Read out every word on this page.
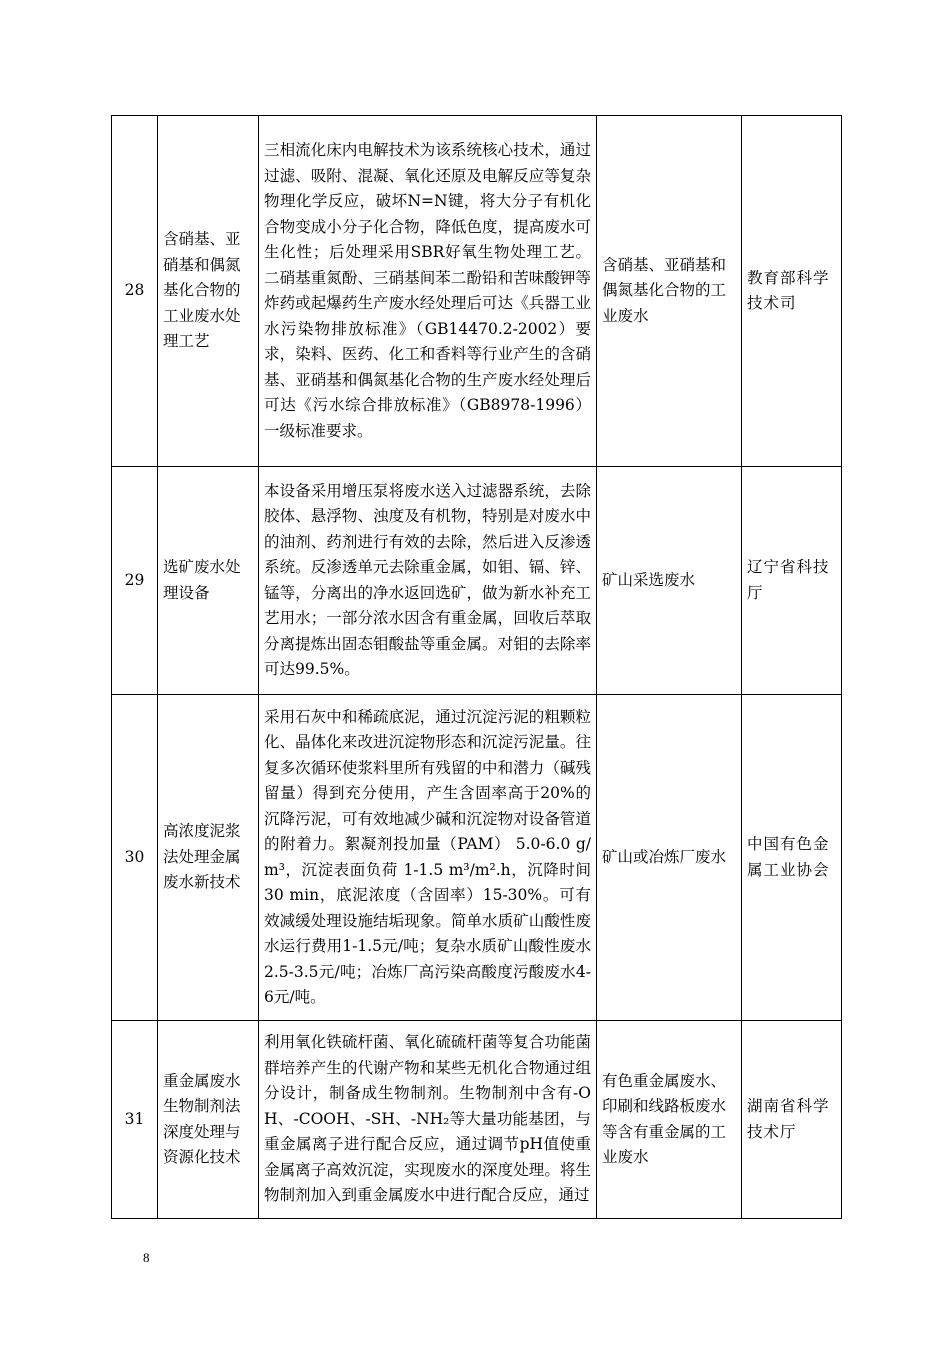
28	含硝基、亚硝基和偶氮基化合物的工业废水处理工艺	三相流化床内电解技术为该系统核心技术，通过过滤、吸附、混凝、氧化还原及电解反应等复杂物理化学反应，破坏N=N键，将大分子有机化合物变成小分子化合物，降低色度，提高废水可生化性；后处理采用SBR好氧生物处理工艺。二硝基重氮酚、三硝基间苯二酚铅和苦味酸钾等炸药或起爆药生产废水经处理后可达《兵器工业水污染物排放标准》（GB14470.2-2002）要求，染料、医药、化工和香料等行业产生的含硝基、亚硝基和偶氮基化合物的生产废水经处理后可达《污水综合排放标准》（GB8978-1996）一级标准要求。	含硝基、亚硝基和偶氮基化合物的工业废水	教育部科学技术司
29	选矿废水处理设备	本设备采用增压泵将废水送入过滤器系统，去除胶体、悬浮物、浊度及有机物，特别是对废水中的油剂、药剂进行有效的去除，然后进入反渗透系统。反渗透单元去除重金属，如钼、镉、锌、锰等，分离出的净水返回选矿，做为新水补充工艺用水；一部分浓水因含有重金属，回收后萃取分离提炼出固态钼酸盐等重金属。对钼的去除率可达99.5%。	矿山采选废水	辽宁省科技厅
30	高浓度泥浆法处理金属废水新技术	采用石灰中和稀疏底泥，通过沉淀污泥的粗颗粒化、晶体化来改进沉淀物形态和沉淀污泥量。往复多次循环使浆料里所有残留的中和潜力（碱残留量）得到充分使用，产生含固率高于20%的沉降污泥，可有效地减少碱和沉淀物对设备管道的附着力。絮凝剂投加量（PAM） 5.0-6.0 g/m³，沉淀表面负荷 1-1.5 m³/m².h，沉降时间 30 min，底泥浓度（含固率）15-30%。可有效减缓处理设施结垢现象。简单水质矿山酸性废水运行费用1-1.5元/吨；复杂水质矿山酸性废水2.5-3.5元/吨；冶炼厂高污染高酸度污酸废水4-6元/吨。	矿山或冶炼厂废水	中国有色金属工业协会
31	重金属废水生物制剂法深度处理与资源化技术	利用氧化铁硫杆菌、氧化硫硫杆菌等复合功能菌群培养产生的代谢产物和某些无机化合物通过组分设计，制备成生物制剂。生物制剂中含有-OH、-COOH、-SH、-NH₂等大量功能基团，与重金属离子进行配合反应，通过调节pH值使重金属离子高效沉淀，实现废水的深度处理。将生物制剂加入到重金属废水中进行配合反应，通过	有色重金属废水、印刷和线路板废水等含有重金属的工业废水	湖南省科学技术厅
8
